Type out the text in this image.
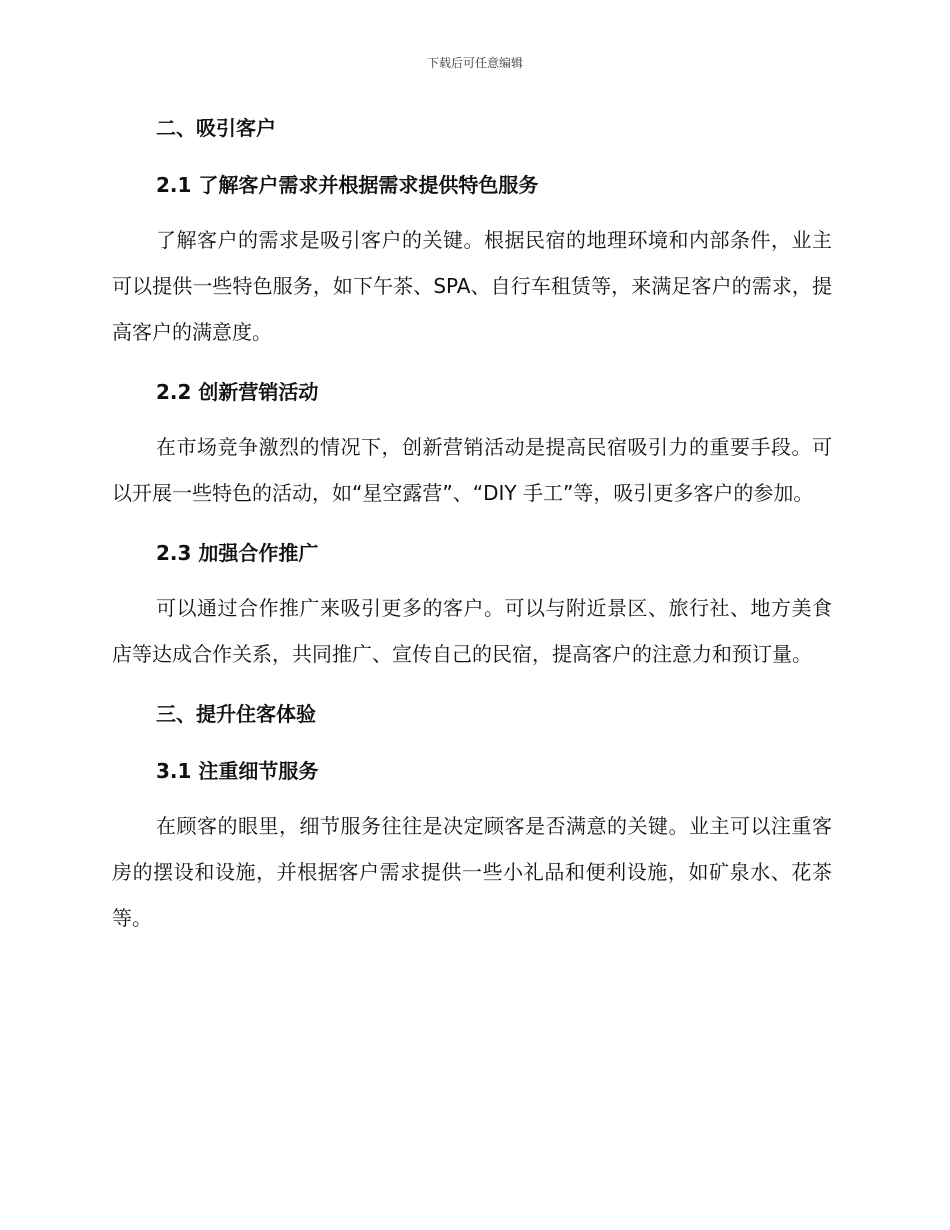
下载后可任意编辑
二、吸引客户
2.1 了解客户需求并根据需求提供特色服务

了解客户的需求是吸引客户的关键。根据民宿的地理环境和内部条件，业主可以提供一些特色服务，如下午茶、SPA、自行车租赁等，来满足客户的需求，提高客户的满意度。

2.2 创新营销活动

在市场竞争激烈的情况下，创新营销活动是提高民宿吸引力的重要手段。可以开展一些特色的活动，如“星空露营”、“DIY 手工”等，吸引更多客户的参加。

2.3 加强合作推广

可以通过合作推广来吸引更多的客户。可以与附近景区、旅行社、地方美食店等达成合作关系，共同推广、宣传自己的民宿，提高客户的注意力和预订量。

三、提升住客体验
3.1 注重细节服务

在顾客的眼里，细节服务往往是决定顾客是否满意的关键。业主可以注重客房的摆设和设施，并根据客户需求提供一些小礼品和便利设施，如矿泉水、花茶等。
